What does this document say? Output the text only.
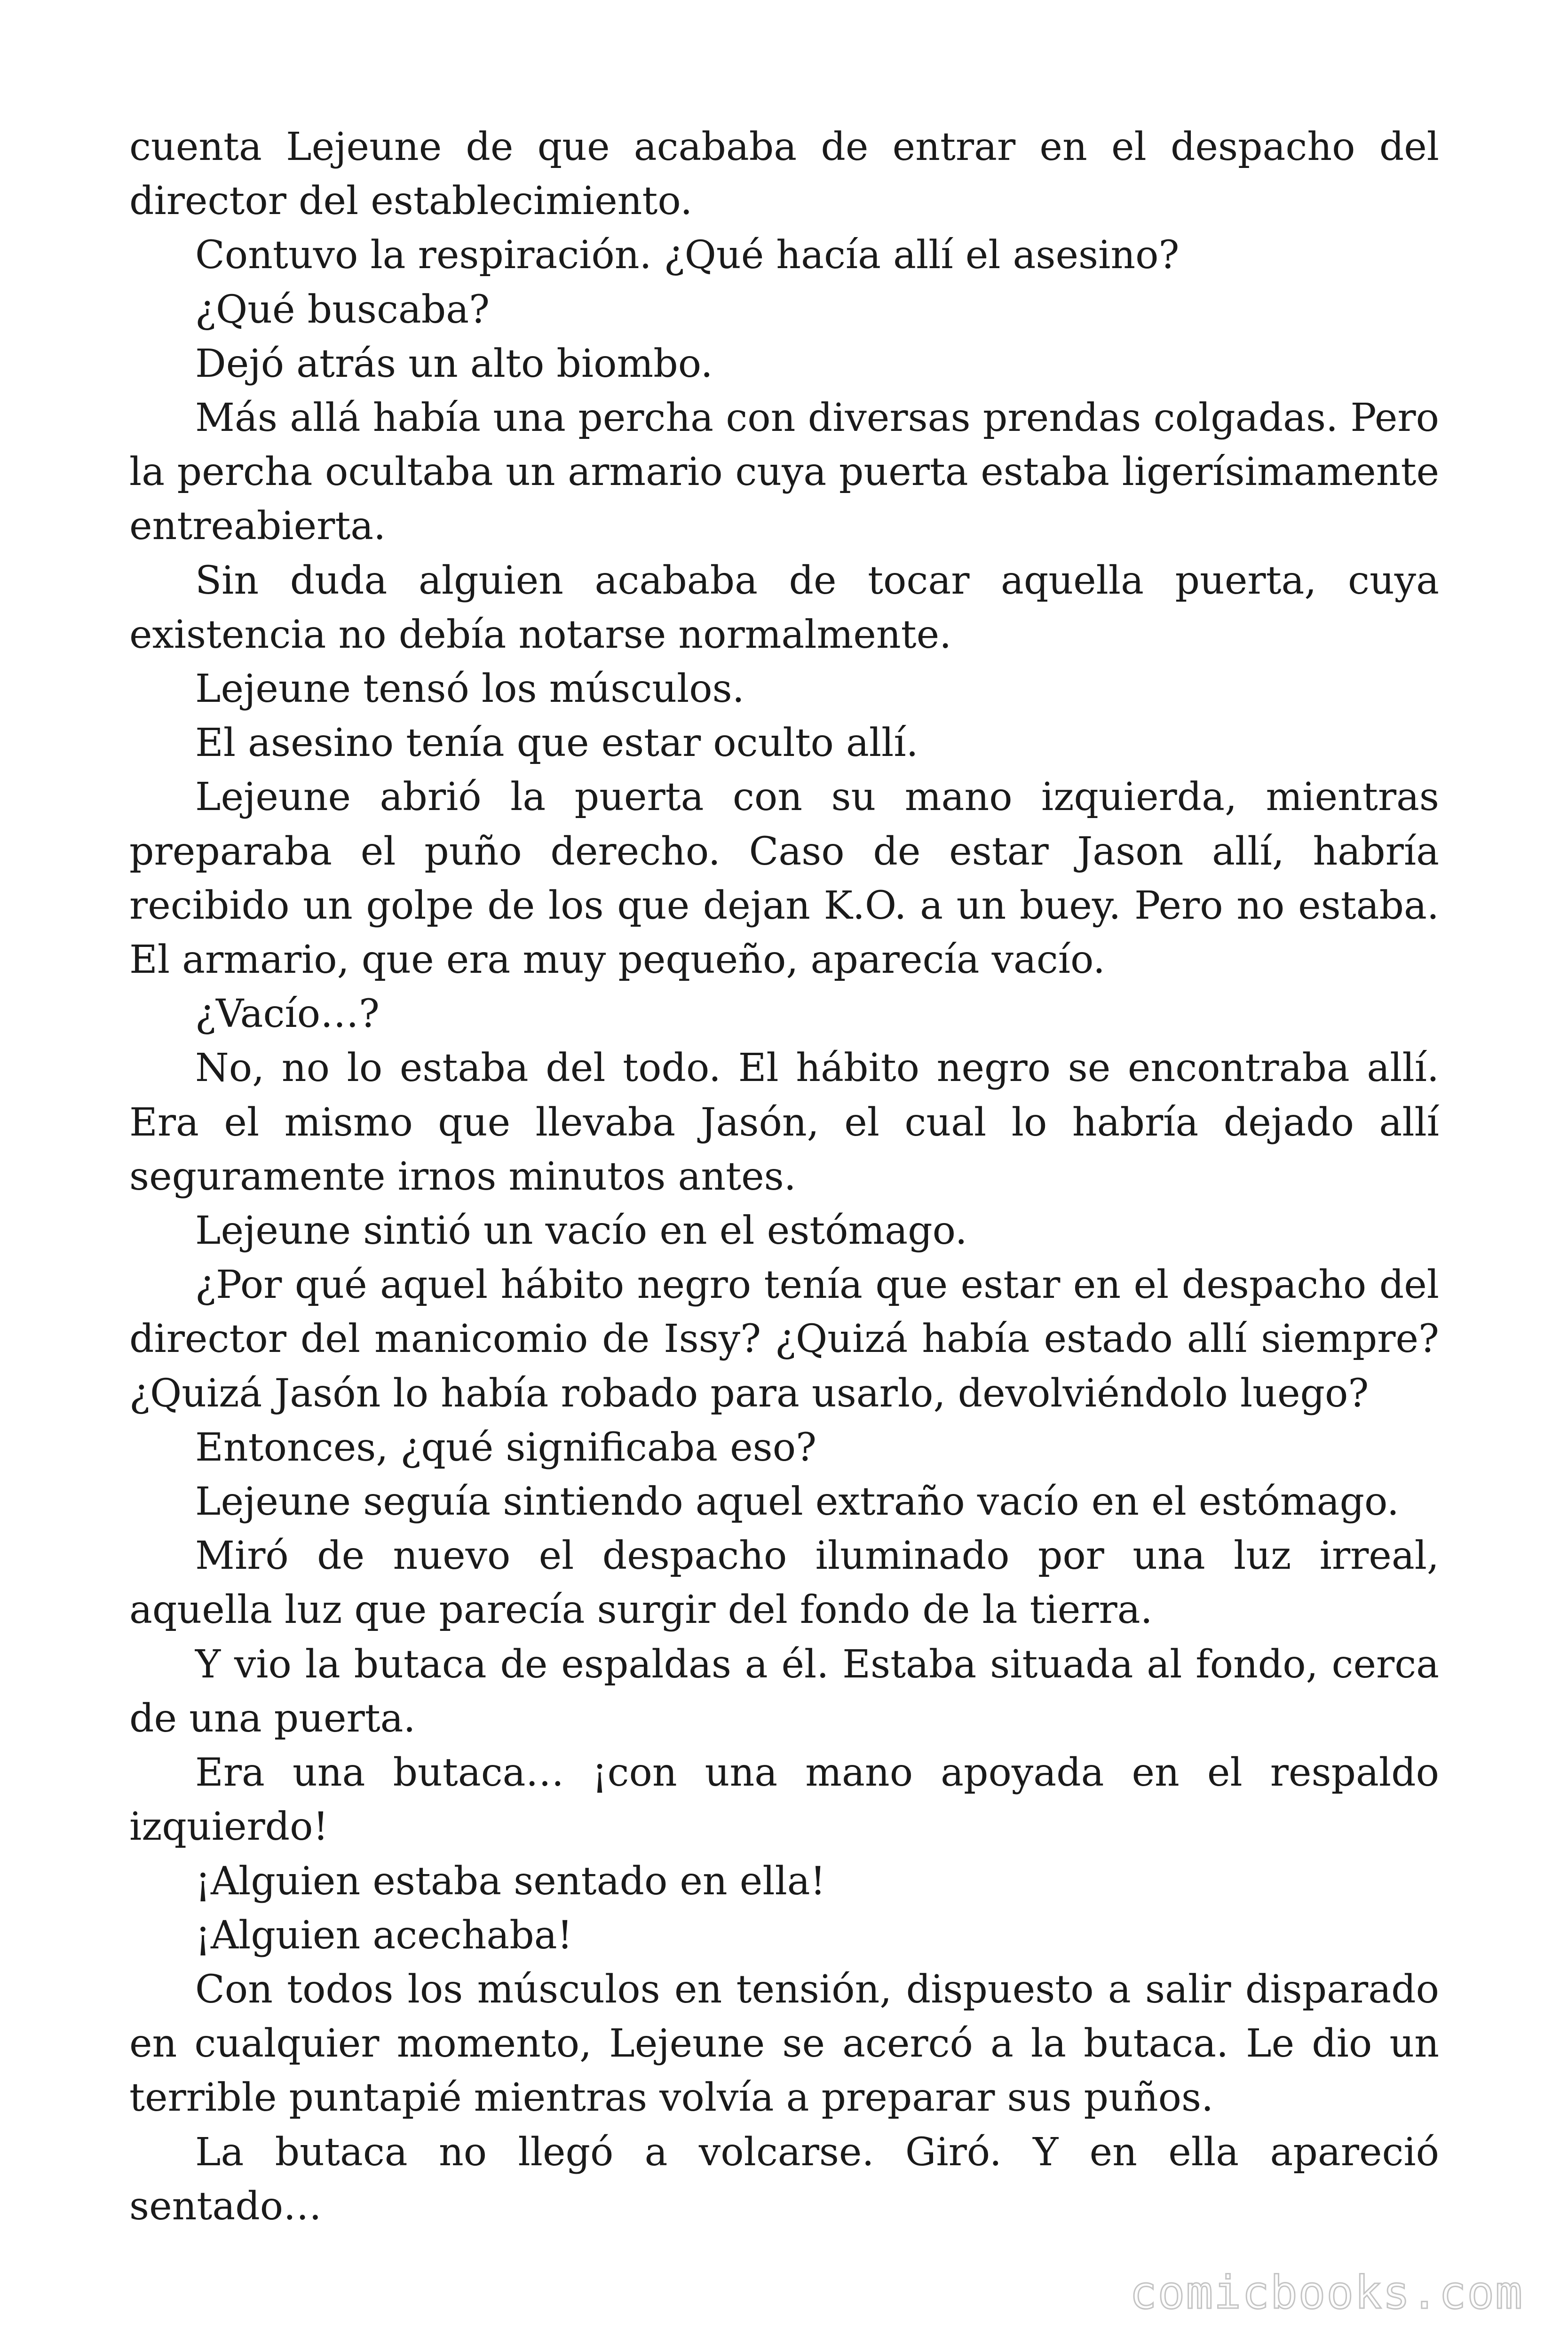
cuenta Lejeune de que acababa de entrar en el despacho del director del establecimiento.

Contuvo la respiración. ¿Qué hacía allí el asesino?

¿Qué buscaba?

Dejó atrás un alto biombo.

Más allá había una percha con diversas prendas colgadas. Pero la percha ocultaba un armario cuya puerta estaba ligerísimamente entreabierta.

Sin duda alguien acababa de tocar aquella puerta, cuya existencia no debía notarse normalmente.

Lejeune tensó los músculos.

El asesino tenía que estar oculto allí.

Lejeune abrió la puerta con su mano izquierda, mientras preparaba el puño derecho. Caso de estar Jason allí, habría recibido un golpe de los que dejan K.O. a un buey. Pero no estaba. El armario, que era muy pequeño, aparecía vacío.

¿Vacío…?

No, no lo estaba del todo. El hábito negro se encontraba allí. Era el mismo que llevaba Jasón, el cual lo habría dejado allí seguramente irnos minutos antes.

Lejeune sintió un vacío en el estómago.

¿Por qué aquel hábito negro tenía que estar en el despacho del director del manicomio de Issy? ¿Quizá había estado allí siempre? ¿Quizá Jasón lo había robado para usarlo, devolviéndolo luego?

Entonces, ¿qué significaba eso?

Lejeune seguía sintiendo aquel extraño vacío en el estómago.

Miró de nuevo el despacho iluminado por una luz irreal, aquella luz que parecía surgir del fondo de la tierra.

Y vio la butaca de espaldas a él. Estaba situada al fondo, cerca de una puerta.

Era una butaca… ¡con una mano apoyada en el respaldo izquierdo!

¡Alguien estaba sentado en ella!

¡Alguien acechaba!

Con todos los músculos en tensión, dispuesto a salir disparado en cualquier momento, Lejeune se acercó a la butaca. Le dio un terrible puntapié mientras volvía a preparar sus puños.

La butaca no llegó a volcarse. Giró. Y en ella apareció sentado…

comicbooks.com
